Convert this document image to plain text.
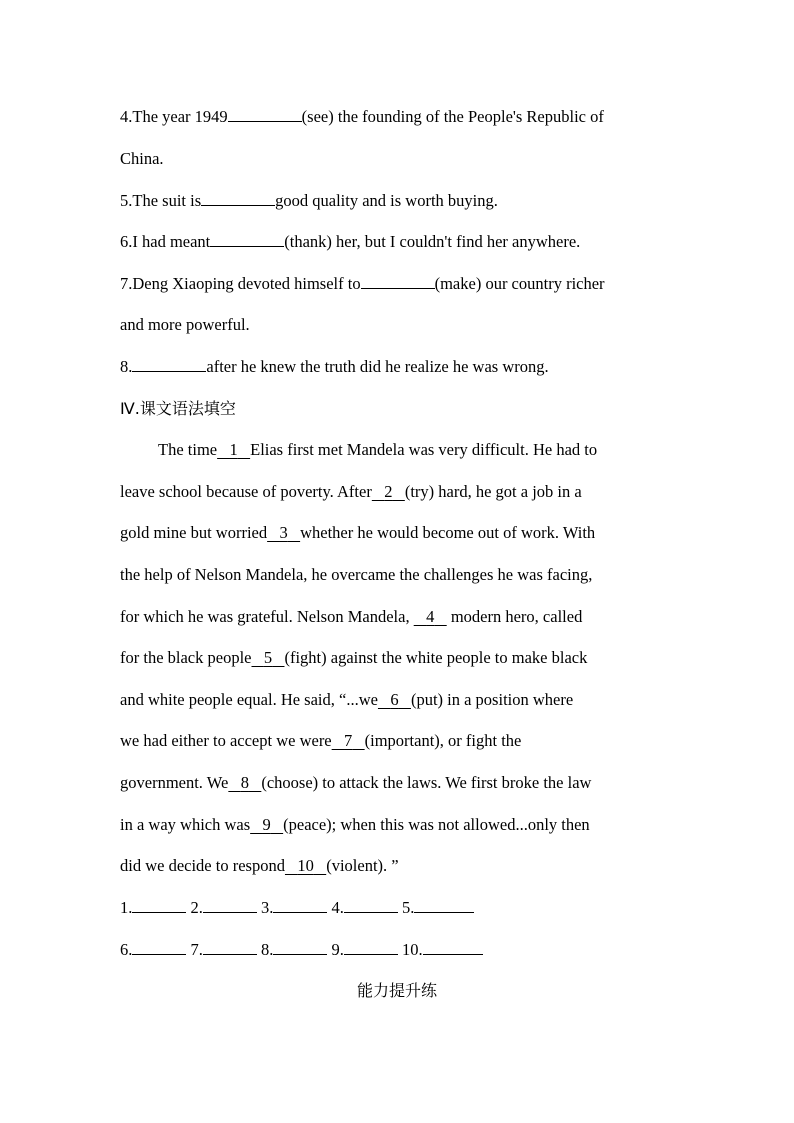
4.The year 1949	(see) the founding of the People's Republic of
China.
5.The suit is	good quality and is worth buying.
6.I had meant	(thank) her, but I couldn't find her anywhere.
7.Deng Xiaoping devoted himself to	(make) our country richer
and more powerful.
8.	after he knew the truth did he realize he was wrong.
Ⅳ.课文语法填空
The time 1 Elias first met Mandela was very difficult. He had to
leave school because of poverty. After 2 (try) hard, he got a job in a
gold mine but worried 3 whether he would become out of work. With
the help of Nelson Mandela, he overcame the challenges he was facing,
for which he was grateful. Nelson Mandela,    4    modern hero, called
for the black people 5 (fight) against the white people to make black
and white people equal. He said, “...we 6 (put) in a position where
we had either to accept we were 7 (important), or fight the
government. We 8 (choose) to attack the laws. We first broke the law
in a way which was 9 (peace); when this was not allowed...only then
did we decide to respond 10 (violent). ”
1.	2.	3.	4.	5.
6.	7.	8.	9.	10.
能力提升练
